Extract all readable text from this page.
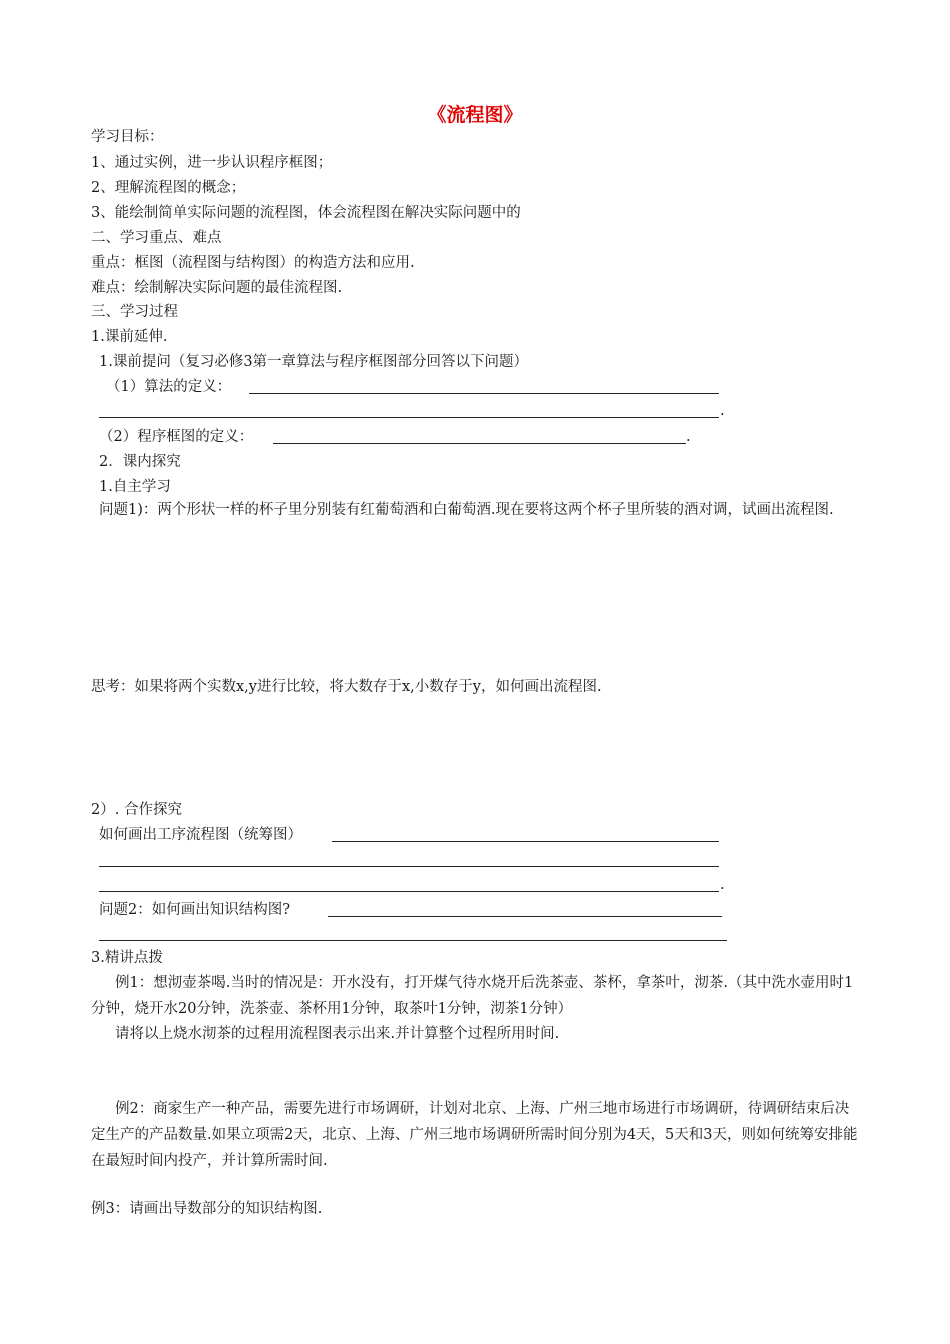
《流程图》
学习目标：
1、通过实例，进一步认识程序框图；
2、理解流程图的概念；
3、能绘制简单实际问题的流程图，体会流程图在解决实际问题中的
二、学习重点、难点
重点：框图（流程图与结构图）的构造方法和应用.
难点：绘制解决实际问题的最佳流程图.
三、学习过程
1.课前延伸.
1.课前提问（复习必修3第一章算法与程序框图部分回答以下问题）
（1）算法的定义：
.
（2）程序框图的定义：	.
2．课内探究
1.自主学习
问题1)：两个形状一样的杯子里分别装有红葡萄酒和白葡萄酒.现在要将这两个杯子里所装的酒对调，试画出流程图.
思考：如果将两个实数x,y进行比较，将大数存于x,小数存于y，如何画出流程图.
2）. 合作探究
如何画出工序流程图（统筹图）
.
问题2：如何画出知识结构图?
3.精讲点拨
例1：想沏壶茶喝.当时的情况是：开水没有，打开煤气待水烧开后洗茶壶、茶杯，拿茶叶，沏茶.（其中洗水壶用时1分钟，烧开水20分钟，洗茶壶、茶杯用1分钟，取茶叶1分钟，沏茶1分钟）
请将以上烧水沏茶的过程用流程图表示出来.并计算整个过程所用时间.
例2：商家生产一种产品，需要先进行市场调研，计划对北京、上海、广州三地市场进行市场调研，待调研结束后决定生产的产品数量.如果立项需2天，北京、上海、广州三地市场调研所需时间分别为4天，5天和3天，则如何统筹安排能在最短时间内投产，并计算所需时间.
例3：请画出导数部分的知识结构图.
